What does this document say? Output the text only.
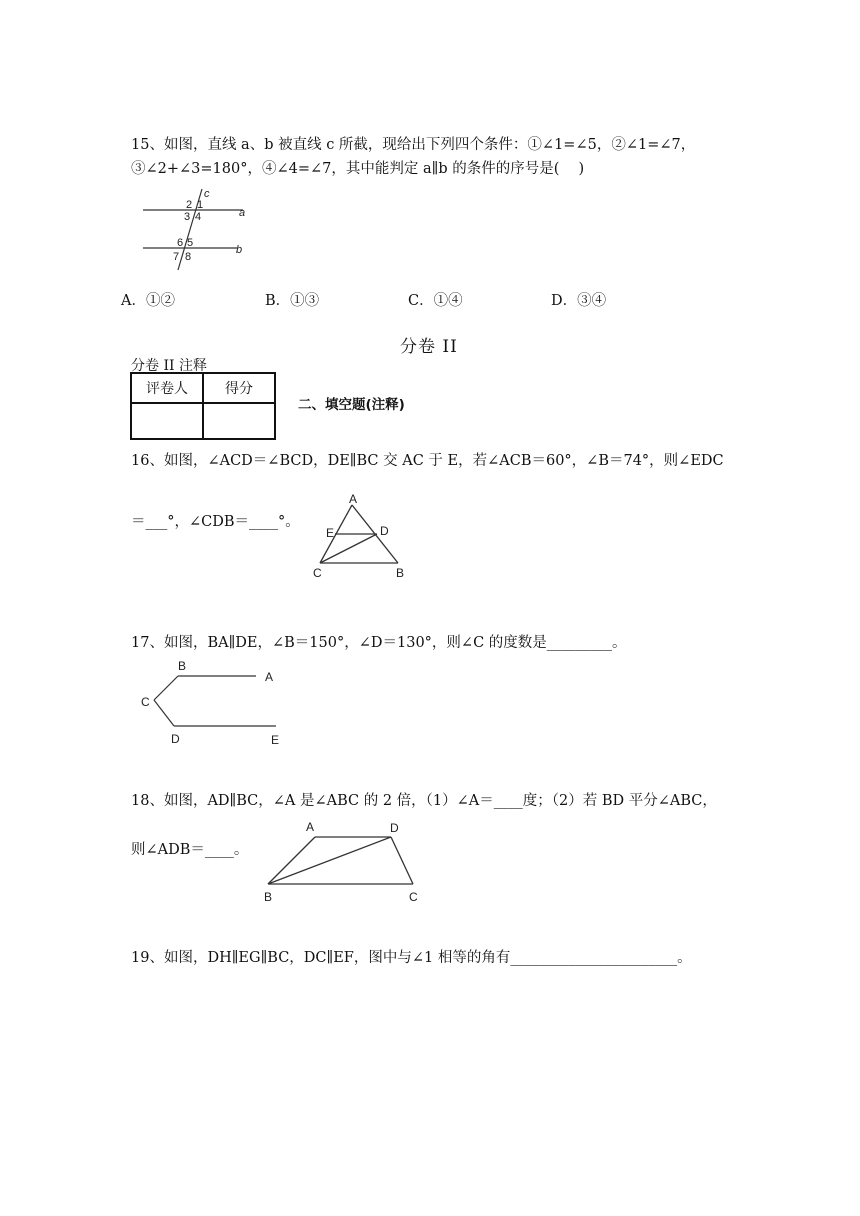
15、如图，直线 a、b 被直线 c 所截，现给出下列四个条件：①∠1=∠5，②∠1=∠7，
③∠2+∠3=180°，④∠4=∠7，其中能判定 a∥b 的条件的序号是(　 )
c
2 1
3 4	a
6 5
7 8
b
A．①②	B．①③	C．①④	D．③④
分卷 II
分卷 II 注释
评卷人	得分

二、填空题(注释)
16、如图，∠ACD＝∠BCD，DE∥BC 交 AC 于 E，若∠ACB＝60°，∠B＝74°，则∠EDC
＝___°，∠CDB＝____°。
A
E	D
C	B
17、如图，BA∥DE，∠B＝150°，∠D＝130°，则∠C 的度数是_________。
B
A
C
D	E
18、如图，AD∥BC，∠A 是∠ABC 的 2 倍，（1）∠A＝____度；（2）若 BD 平分∠ABC，
则∠ADB＝____。
A	D
B	C
19、如图，DH∥EG∥BC，DC∥EF，图中与∠1 相等的角有_______________________。
